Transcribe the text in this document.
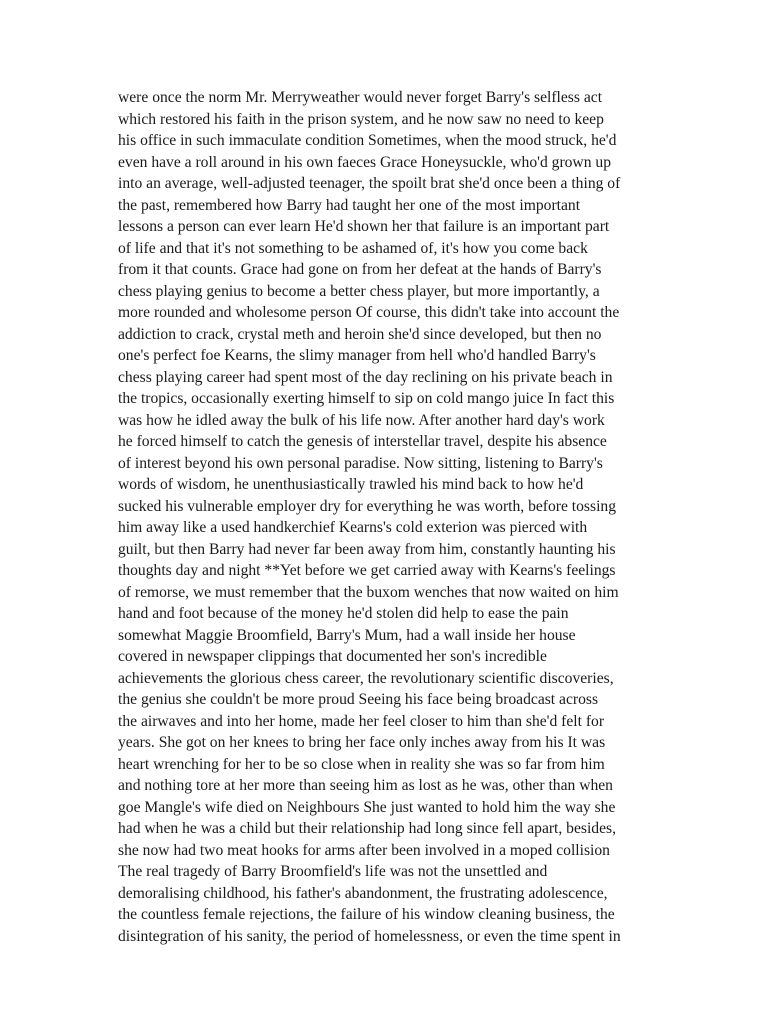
were once the norm Mr. Merryweather would never forget Barry's selfless act
which restored his faith in the prison system, and he now saw no need to keep
his office in such immaculate condition Sometimes, when the mood struck, he'd
even have a roll around in his own faeces Grace Honeysuckle, who'd grown up
into an average, well-adjusted teenager, the spoilt brat she'd once been a thing of
the past, remembered how Barry had taught her one of the most important
lessons a person can ever learn He'd shown her that failure is an important part
of life and that it's not something to be ashamed of, it's how you come back
from it that counts. Grace had gone on from her defeat at the hands of Barry's
chess playing genius to become a better chess player, but more importantly, a
more rounded and wholesome person Of course, this didn't take into account the
addiction to crack, crystal meth and heroin she'd since developed, but then no
one's perfect foe Kearns, the slimy manager from hell who'd handled Barry's
chess playing career had spent most of the day reclining on his private beach in
the tropics, occasionally exerting himself to sip on cold mango juice In fact this
was how he idled away the bulk of his life now. After another hard day's work
he forced himself to catch the genesis of interstellar travel, despite his absence
of interest beyond his own personal paradise. Now sitting, listening to Barry's
words of wisdom, he unenthusiastically trawled his mind back to how he'd
sucked his vulnerable employer dry for everything he was worth, before tossing
him away like a used handkerchief Kearns's cold exterion was pierced with
guilt, but then Barry had never far been away from him, constantly haunting his
thoughts day and night **Yet before we get carried away with Kearns's feelings
of remorse, we must remember that the buxom wenches that now waited on him
hand and foot because of the money he'd stolen did help to ease the pain
somewhat Maggie Broomfield, Barry's Mum, had a wall inside her house
covered in newspaper clippings that documented her son's incredible
achievements the glorious chess career, the revolutionary scientific discoveries,
the genius she couldn't be more proud Seeing his face being broadcast across
the airwaves and into her home, made her feel closer to him than she'd felt for
years. She got on her knees to bring her face only inches away from his It was
heart wrenching for her to be so close when in reality she was so far from him
and nothing tore at her more than seeing him as lost as he was, other than when
goe Mangle's wife died on Neighbours She just wanted to hold him the way she
had when he was a child but their relationship had long since fell apart, besides,
she now had two meat hooks for arms after been involved in a moped collision
The real tragedy of Barry Broomfield's life was not the unsettled and
demoralising childhood, his father's abandonment, the frustrating adolescence,
the countless female rejections, the failure of his window cleaning business, the
disintegration of his sanity, the period of homelessness, or even the time spent in
